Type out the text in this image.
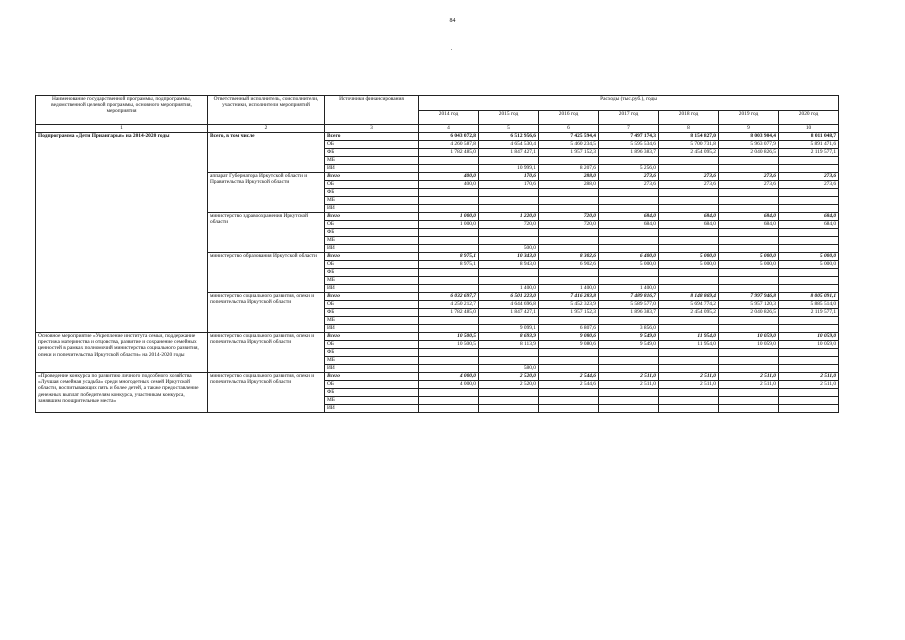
84
Наименование государственной программы, подпрограммы, ведомственной целевой программы, основного мероприятия, мероприятия	Ответственный исполнитель, соисполнители, участники, исполнители мероприятий	Источники финансирования	Расходы (тыс.руб.), годы						
			2014 год	2015 год	2016 год	2017 год	2018 год	2019 год	2020 год
1	2	3	4	5	6	7	8	9	10
Подпрограмма «Дети Приангарья» на 2014-2020 годы	Всего, в том числе	Всего	6 043 072,8	6 512 956,6	7 425 594,4	7 497 174,3	8 154 827,0	8 003 904,4	8 011 048,7
		ОБ	4 260 587,8	4 654 530,4	5 460 234,5	5 595 534,6	5 700 731,8	5 963 077,9	5 891 471,6
		ФБ	1 782 485,0	1 847 427,1	1 957 152,3	1 896 383,7	2 454 095,2	2 040 826,5	2 119 577,1
		МБ							
		ИИ		10 999,1	8 207,6	5 256,0			
	аппарат Губернатора Иркутской области и Правительства Иркутской области	Всего	400,0	170,6	288,0	273,6	273,6	273,6	273,6
		ОБ	400,0	170,6	288,0	273,6	273,6	273,6	273,6
		ФБ							
		МБ							
		ИИ							
	министерство здравоохранения Иркутской области	Всего	1 000,0	1 220,0	720,0	684,0	684,0	684,0	684,0
		ОБ	1 000,0	720,0	720,0	684,0	684,0	684,0	684,0
		ФБ							
		МБ							
		ИИ		500,0					
	министерство образования Иркутской области	Всего	8 975,1	10 343,0	8 302,6	6 400,0	5 000,0	5 000,0	5 000,0
		ОБ	8 975,1	8 943,0	6 902,6	5 000,0	5 000,0	5 000,0	5 000,0
		ФБ							
		МБ							
		ИИ		1 400,0	1 400,0	1 400,0			
	министерство социального развития, опеки и попечительства Иркутской области	Всего	6 032 697,7	6 501 223,0	7 416 283,8	7 489 816,7	8 148 869,4	7 997 946,8	8 005 091,1
		ОБ	4 250 212,7	4 644 696,8	5 452 323,9	5 589 577,0	5 694 774,2	5 957 120,3	5 885 514,0
		ФБ	1 782 485,0	1 847 427,1	1 957 152,3	1 896 383,7	2 454 095,2	2 040 826,5	2 119 577,1
		МБ							
		ИИ		9 099,1	6 807,6	3 856,0			
Основное мероприятие «Укрепление института семьи, поддержание престижа материнства и отцовства, развитие и сохранение семейных ценностей в рамках полномочий министерства социального развития, опеки и попечительства Иркутской области» на 2014-2020 годы	министерство социального развития, опеки и попечительства Иркутской области	Всего	10 500,5	8 693,9	9 080,6	9 549,0	11 954,0	10 059,0	10 059,0
		ОБ	10 500,5	8 113,9	9 080,6	9 549,0	11 954,0	10 059,0	10 059,0
		ФБ							
		МБ							
		ИИ		580,0					
«Проведение конкурса по развитию личного подсобного хозяйства «Лучшая семейная усадьба» среди многодетных семей Иркутской области, воспитывающих пять и более детей, а также предоставление денежных выплат победителям конкурса, участникам конкурса, занявшим поощрительные места»	министерство социального развития, опеки и попечительства Иркутской области	Всего	4 000,0	2 520,0	2 544,6	2 511,0	2 511,0	2 511,0	2 511,0
		ОБ	4 000,0	2 520,0	2 544,6	2 511,0	2 511,0	2 511,0	2 511,0
		ФБ							
		МБ							
		ИИ							
